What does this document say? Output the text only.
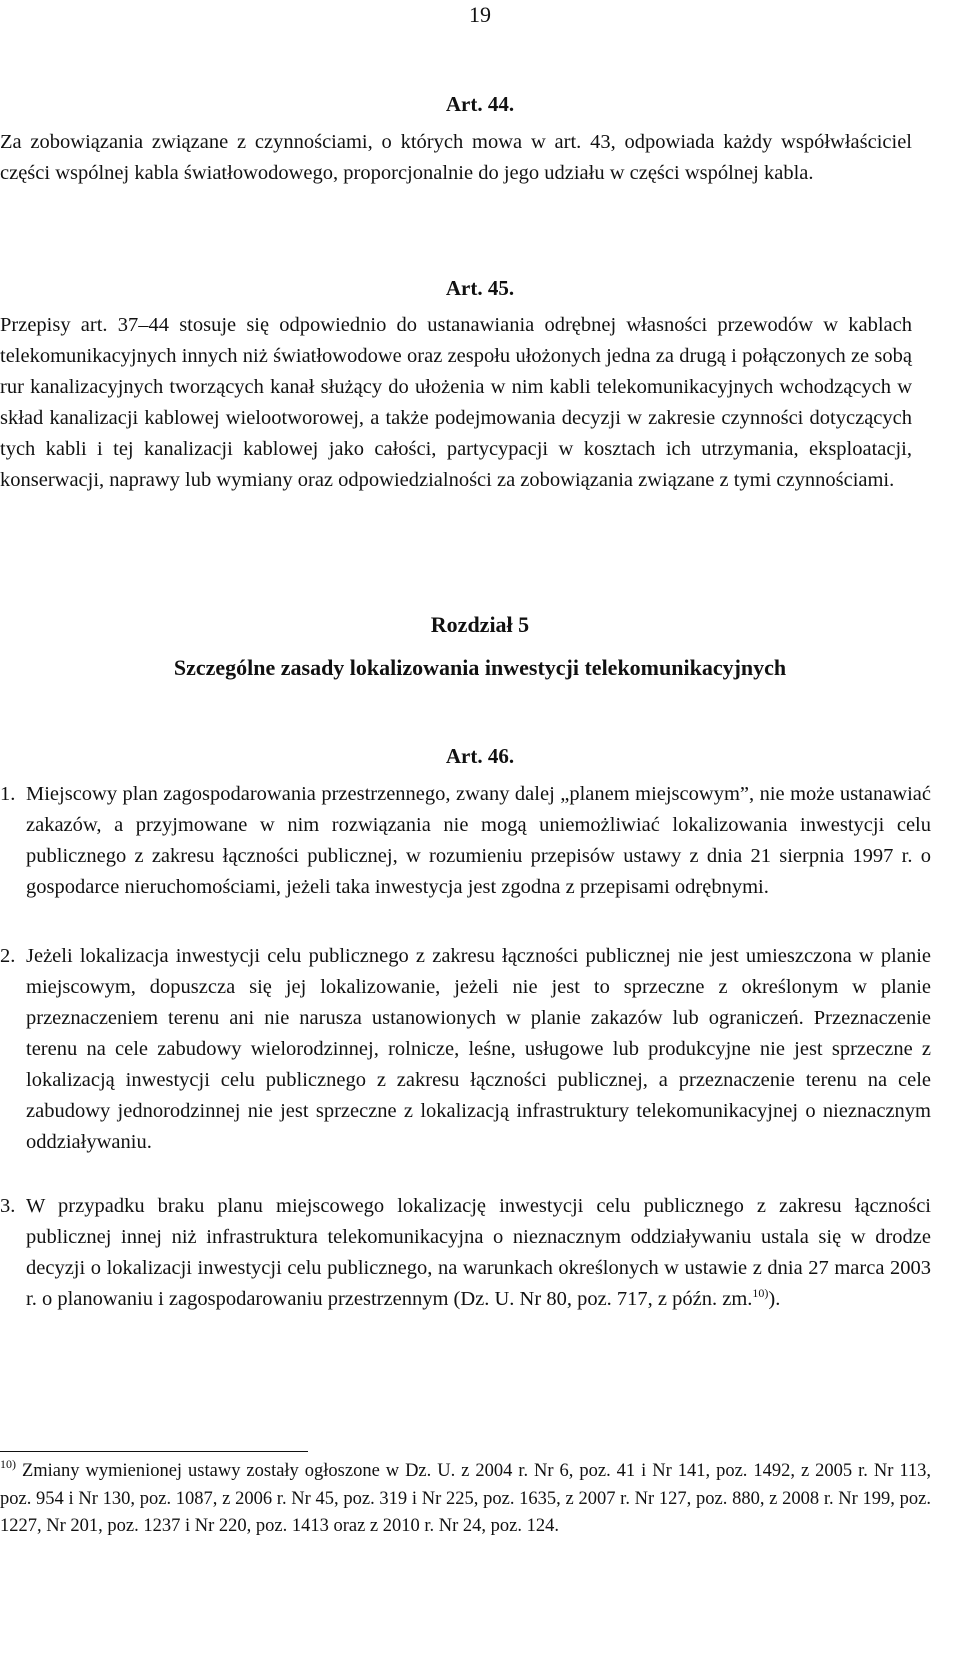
19
Art. 44.
Za zobowiązania związane z czynnościami, o których mowa w art. 43, odpowiada każdy współwłaściciel części wspólnej kabla światłowodowego, proporcjonalnie do jego udziału w części wspólnej kabla.
Art. 45.
Przepisy art. 37–44 stosuje się odpowiednio do ustanawiania odrębnej własności przewodów w kablach telekomunikacyjnych innych niż światłowodowe oraz zespołu ułożonych jedna za drugą i połączonych ze sobą rur kanalizacyjnych tworzących kanał służący do ułożenia w nim kabli telekomunikacyjnych wchodzących w skład kanalizacji kablowej wielootworowej, a także podejmowania decyzji w zakresie czynności dotyczących tych kabli i tej kanalizacji kablowej jako całości, partycypacji w kosztach ich utrzymania, eksploatacji, konserwacji, naprawy lub wymiany oraz odpowiedzialności za zobowiązania związane z tymi czynnościami.
Rozdział 5
Szczególne zasady lokalizowania inwestycji telekomunikacyjnych
Art. 46.
1. Miejscowy plan zagospodarowania przestrzennego, zwany dalej „planem miejscowym”, nie może ustanawiać zakazów, a przyjmowane w nim rozwiązania nie mogą uniemożliwiać lokalizowania inwestycji celu publicznego z zakresu łączności publicznej, w rozumieniu przepisów ustawy z dnia 21 sierpnia 1997 r. o gospodarce nieruchomościami, jeżeli taka inwestycja jest zgodna z przepisami odrębnymi.
2. Jeżeli lokalizacja inwestycji celu publicznego z zakresu łączności publicznej nie jest umieszczona w planie miejscowym, dopuszcza się jej lokalizowanie, jeżeli nie jest to sprzeczne z określonym w planie przeznaczeniem terenu ani nie narusza ustanowionych w planie zakazów lub ograniczeń. Przeznaczenie terenu na cele zabudowy wielorodzinnej, rolnicze, leśne, usługowe lub produkcyjne nie jest sprzeczne z lokalizacją inwestycji celu publicznego z zakresu łączności publicznej, a przeznaczenie terenu na cele zabudowy jednorodzinnej nie jest sprzeczne z lokalizacją infrastruktury telekomunikacyjnej o nieznacznym oddziaływaniu.
3. W przypadku braku planu miejscowego lokalizację inwestycji celu publicznego z zakresu łączności publicznej innej niż infrastruktura telekomunikacyjna o nieznacznym oddziaływaniu ustala się w drodze decyzji o lokalizacji inwestycji celu publicznego, na warunkach określonych w ustawie z dnia 27 marca 2003 r. o planowaniu i zagospodarowaniu przestrzennym (Dz. U. Nr 80, poz. 717, z późn. zm.$^{10)}$).
$^{10)}$ Zmiany wymienionej ustawy zostały ogłoszone w Dz. U. z 2004 r. Nr 6, poz. 41 i Nr 141, poz. 1492, z 2005 r. Nr 113, poz. 954 i Nr 130, poz. 1087, z 2006 r. Nr 45, poz. 319 i Nr 225, poz. 1635, z 2007 r. Nr 127, poz. 880, z 2008 r. Nr 199, poz. 1227, Nr 201, poz. 1237 i Nr 220, poz. 1413 oraz z 2010 r. Nr 24, poz. 124.
